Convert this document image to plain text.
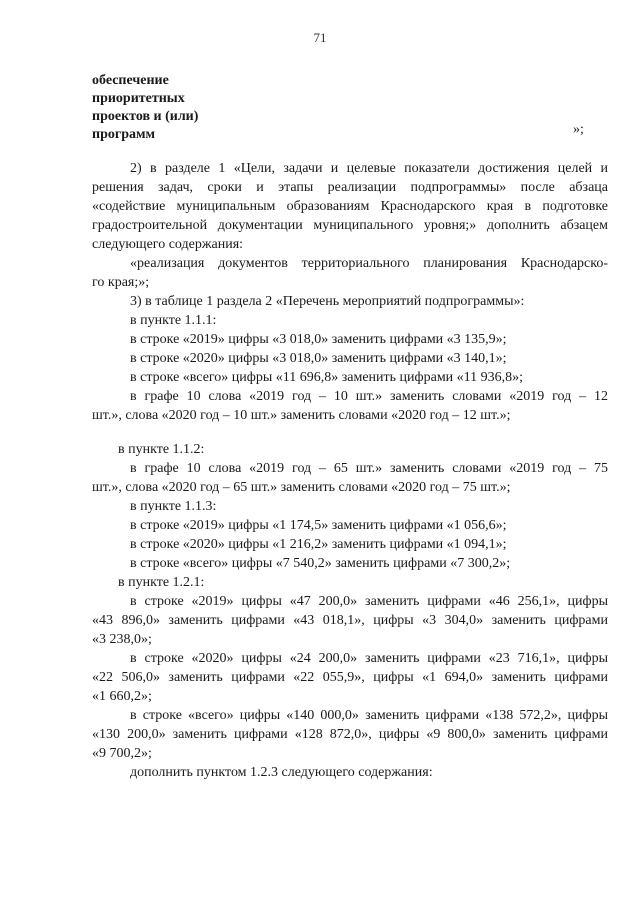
71
обеспечение
приоритетных
проектов и (или)
программ	»;
2) в разделе 1 «Цели, задачи и целевые показатели достижения целей и
решения задач, сроки и этапы реализации подпрограммы» после абзаца
«содействие муниципальным образованиям Краснодарского края в подготовке
градостроительной документации муниципального уровня;» дополнить абзацем
следующего содержания:
«реализация документов территориального планирования Краснодарско-
го края;»;
3) в таблице 1 раздела 2 «Перечень мероприятий подпрограммы»:
в пункте 1.1.1:
в строке «2019» цифры «3 018,0» заменить цифрами «3 135,9»;
в строке «2020» цифры «3 018,0» заменить цифрами «3 140,1»;
в строке «всего» цифры «11 696,8» заменить цифрами «11 936,8»;
в графе 10 слова «2019 год – 10 шт.» заменить словами «2019 год – 12
шт.», слова «2020 год – 10 шт.» заменить словами «2020 год – 12 шт.»;
в пункте 1.1.2:
в графе 10 слова «2019 год – 65 шт.» заменить словами «2019 год – 75
шт.», слова «2020 год – 65 шт.» заменить словами «2020 год – 75 шт.»;
в пункте 1.1.3:
в строке «2019» цифры «1 174,5» заменить цифрами «1 056,6»;
в строке «2020» цифры «1 216,2» заменить цифрами «1 094,1»;
в строке «всего» цифры «7 540,2» заменить цифрами «7 300,2»;
в пункте 1.2.1:
в строке «2019» цифры «47 200,0» заменить цифрами «46 256,1», цифры
«43 896,0» заменить цифрами «43 018,1», цифры «3 304,0» заменить цифрами
«3 238,0»;
в строке «2020» цифры «24 200,0» заменить цифрами «23 716,1», цифры
«22 506,0» заменить цифрами «22 055,9», цифры «1 694,0» заменить цифрами
«1 660,2»;
в строке «всего» цифры «140 000,0» заменить цифрами «138 572,2», цифры
«130 200,0» заменить цифрами «128 872,0», цифры «9 800,0» заменить цифрами
«9 700,2»;
дополнить пунктом 1.2.3 следующего содержания:
